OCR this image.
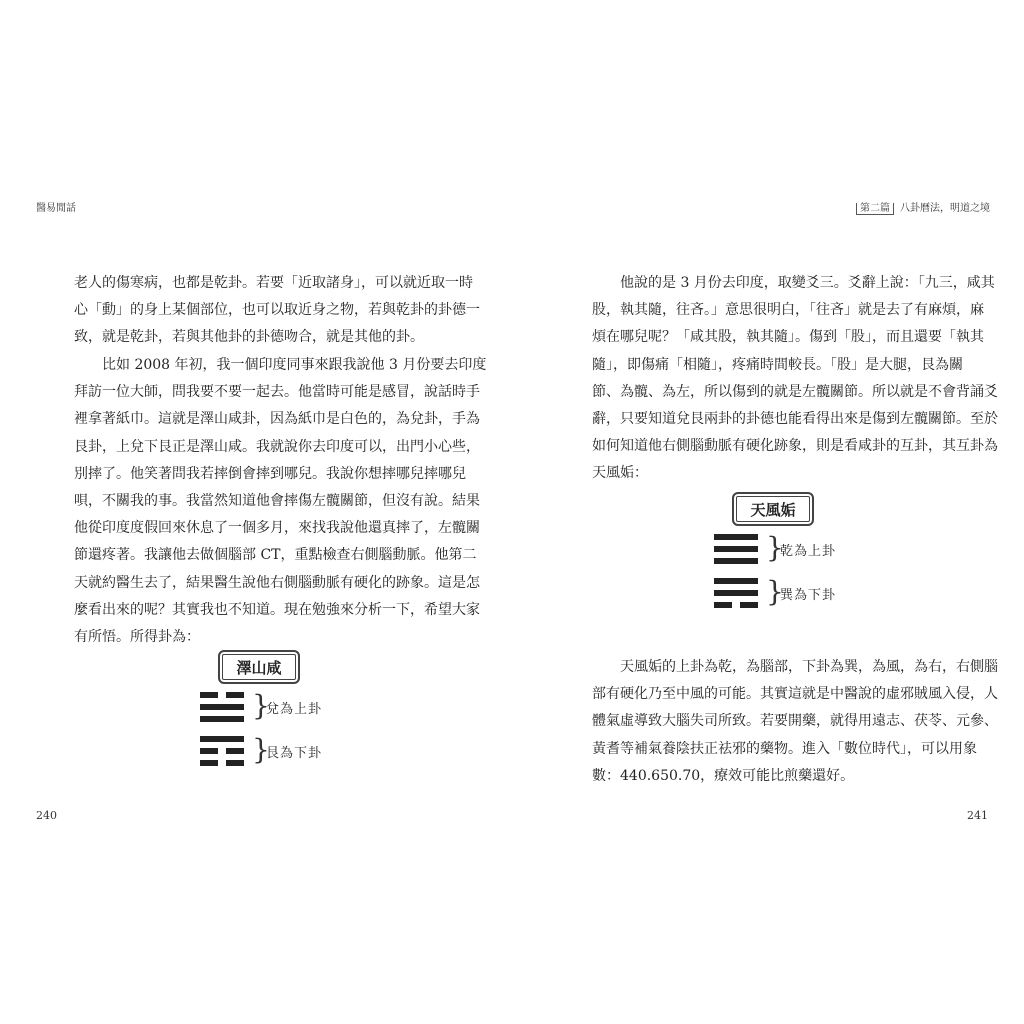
醫易閒話

老人的傷寒病，也都是乾卦。若要「近取諸身」，可以就近取一時
心「動」的身上某個部位，也可以取近身之物，若與乾卦的卦德一
致，就是乾卦，若與其他卦的卦德吻合，就是其他的卦。

比如 2008 年初，我一個印度同事來跟我說他 3 月份要去印度
拜訪一位大師，問我要不要一起去。他當時可能是感冒，說話時手
裡拿著紙巾。這就是澤山咸卦，因為紙巾是白色的，為兌卦，手為
艮卦，上兌下艮正是澤山咸。我就說你去印度可以，出門小心些，
別摔了。他笑著問我若摔倒會摔到哪兒。我說你想摔哪兒摔哪兒
唄，不關我的事。我當然知道他會摔傷左髖關節，但沒有說。結果
他從印度度假回來休息了一個多月，來找我說他還真摔了，左髖關
節還疼著。我讓他去做個腦部 CT，重點檢查右側腦動脈。他第二
天就約醫生去了，結果醫生說他右側腦動脈有硬化的跡象。這是怎
麼看出來的呢？其實我也不知道。現在勉強來分析一下，希望大家
有所悟。所得卦為：

澤山咸
}
兌為上卦
}
艮為下卦
240
第二篇 八卦曆法，明道之境

他說的是 3 月份去印度，取變爻三。爻辭上說：「九三，咸其
股，執其隨，往吝。」意思很明白，「往吝」就是去了有麻煩，麻
煩在哪兒呢？「咸其股，執其隨」。傷到「股」，而且還要「執其
隨」，即傷痛「相隨」，疼痛時間較長。「股」是大腿，艮為關
節、為髖、為左，所以傷到的就是左髖關節。所以就是不會背誦爻
辭，只要知道兌艮兩卦的卦德也能看得出來是傷到左髖關節。至於
如何知道他右側腦動脈有硬化跡象，則是看咸卦的互卦，其互卦為
天風姤：

天風姤
}
乾為上卦
}
巽為下卦

天風姤的上卦為乾，為腦部，下卦為巽，為風，為右，右側腦
部有硬化乃至中風的可能。其實這就是中醫說的虛邪賊風入侵，人
體氣虛導致大腦失司所致。若要開藥，就得用遠志、茯苓、元參、
黃耆等補氣養陰扶正祛邪的藥物。進入「數位時代」，可以用象
數：440.650.70，療效可能比煎藥還好。

241
